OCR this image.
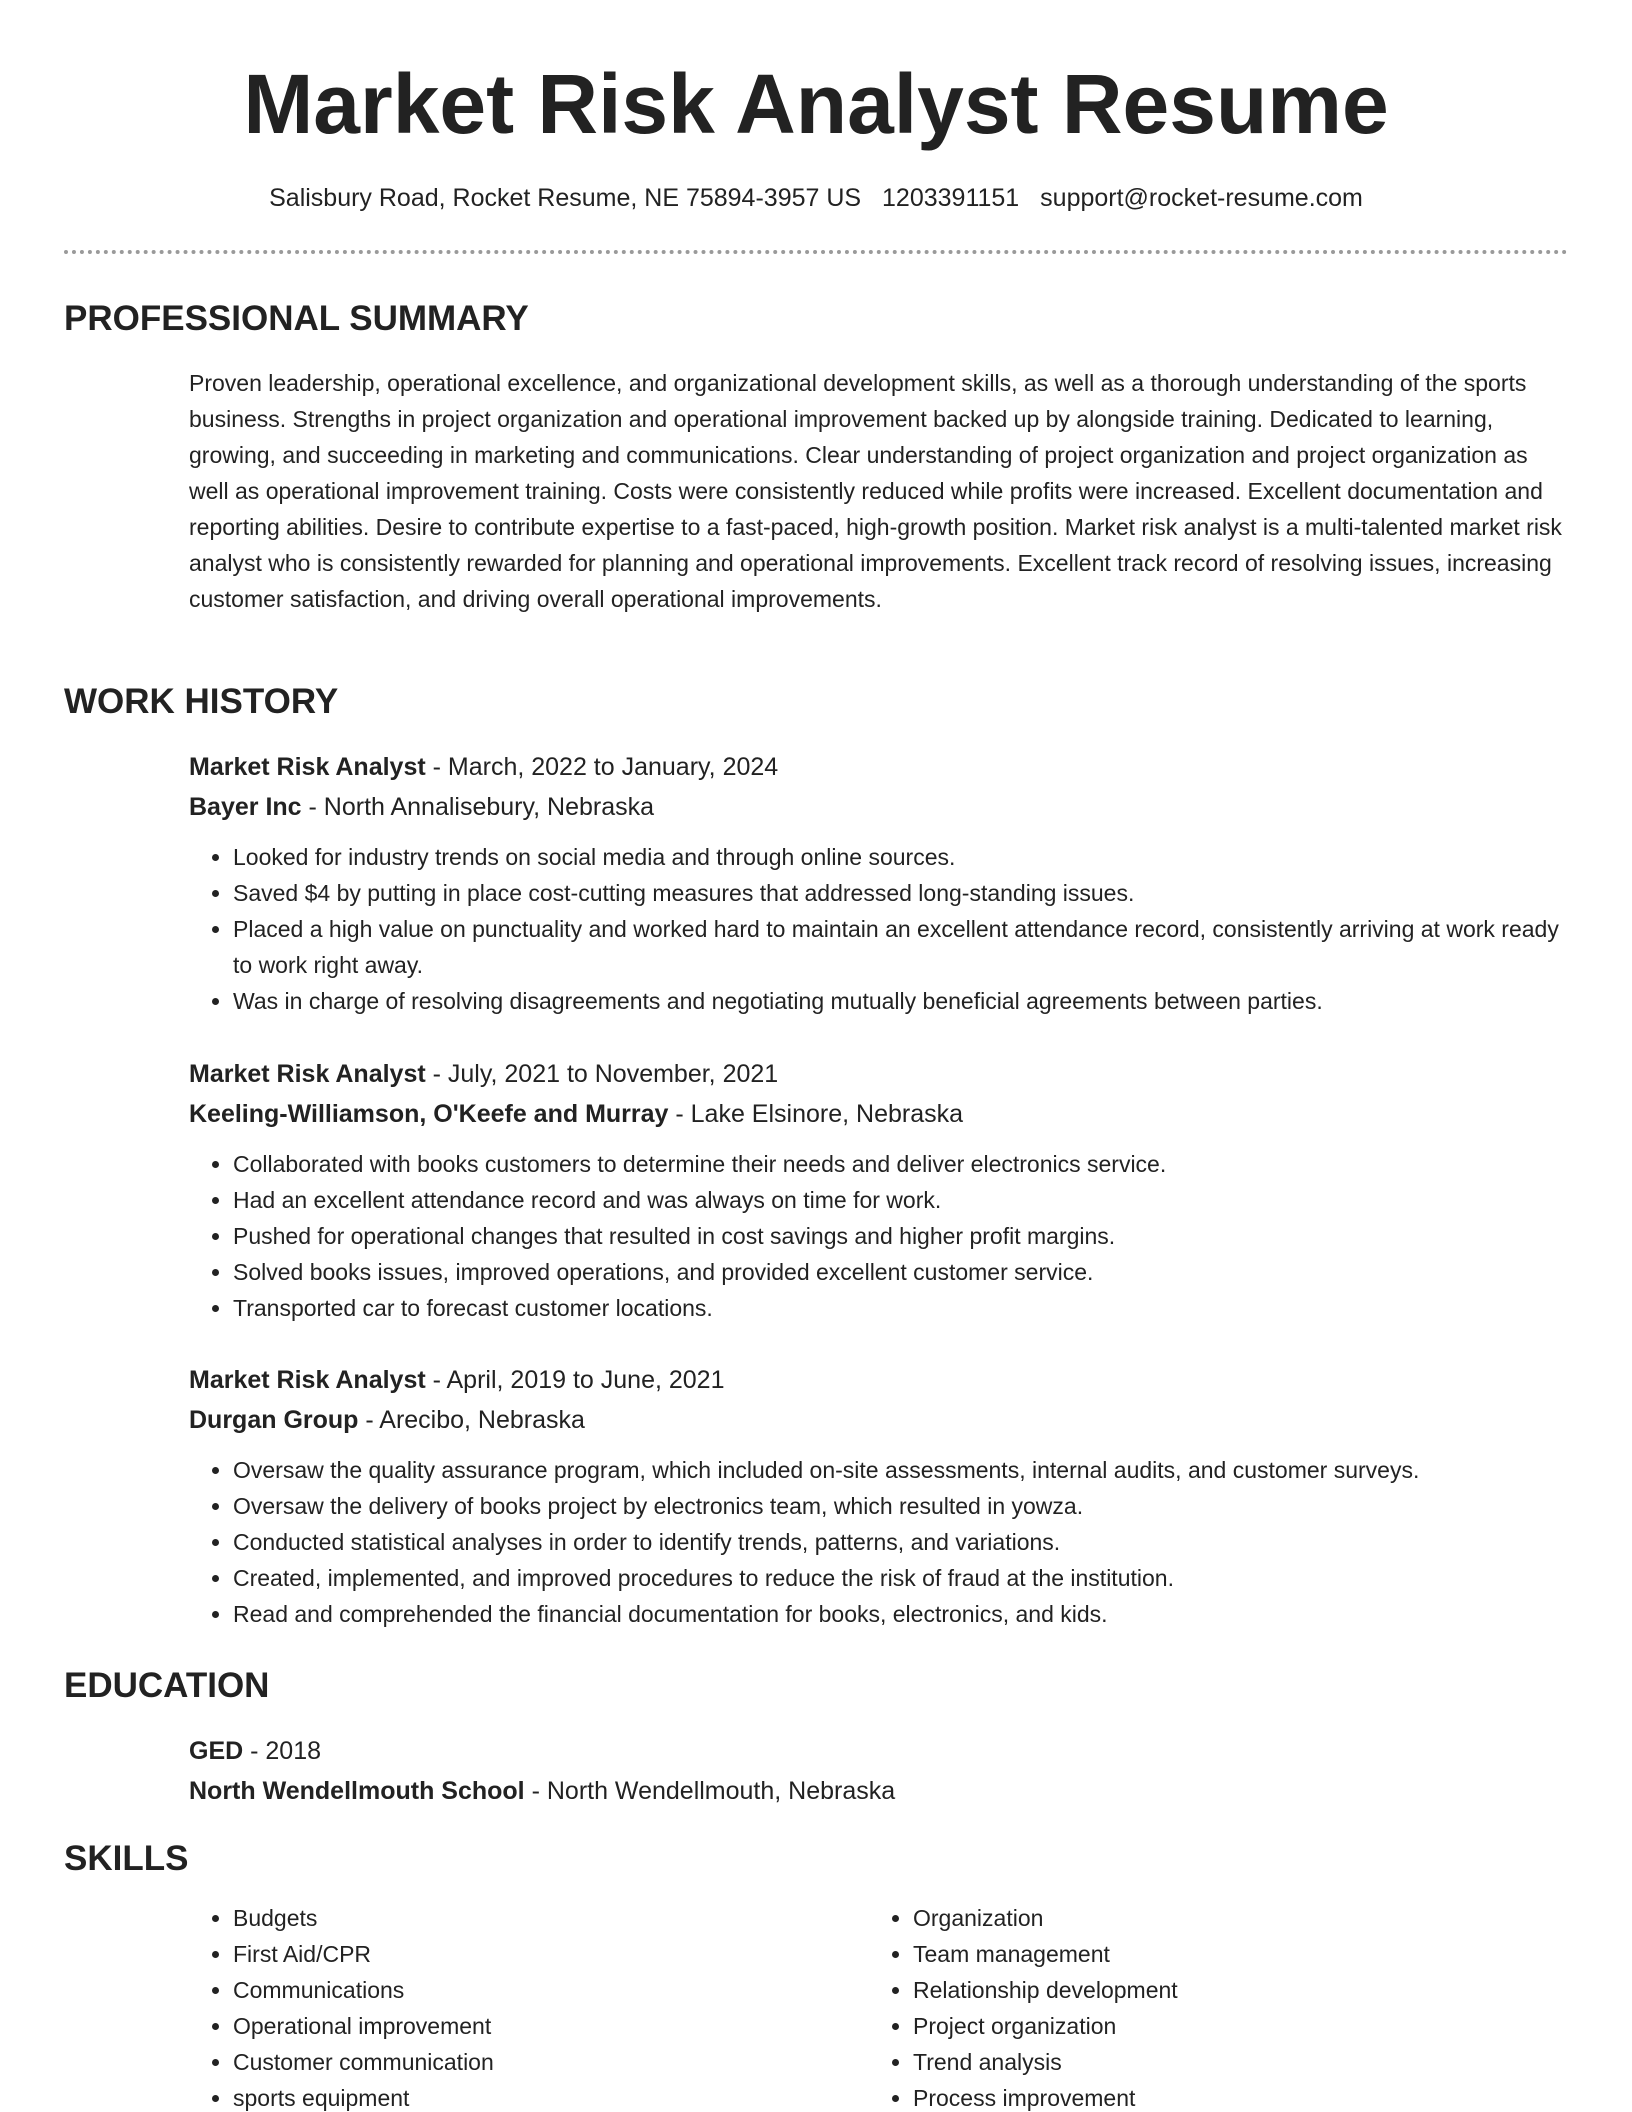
Market Risk Analyst Resume
Salisbury Road, Rocket Resume, NE 75894-3957 US 1203391151 support@rocket-resume.com
PROFESSIONAL SUMMARY

Proven leadership, operational excellence, and organizational development skills, as well as a thorough understanding of the sports business. Strengths in project organization and operational improvement backed up by alongside training. Dedicated to learning, growing, and succeeding in marketing and communications. Clear understanding of project organization and project organization as well as operational improvement training. Costs were consistently reduced while profits were increased. Excellent documentation and reporting abilities. Desire to contribute expertise to a fast-paced, high-growth position. Market risk analyst is a multi-talented market risk analyst who is consistently rewarded for planning and operational improvements. Excellent track record of resolving issues, increasing customer satisfaction, and driving overall operational improvements.

WORK HISTORY

Market Risk Analyst - March, 2022 to January, 2024

Bayer Inc - North Annalisebury, Nebraska

• Looked for industry trends on social media and through online sources.
• Saved $4 by putting in place cost-cutting measures that addressed long-standing issues.
• Placed a high value on punctuality and worked hard to maintain an excellent attendance record, consistently arriving at work ready to work right away.
• Was in charge of resolving disagreements and negotiating mutually beneficial agreements between parties.

Market Risk Analyst - July, 2021 to November, 2021

Keeling-Williamson, O'Keefe and Murray - Lake Elsinore, Nebraska

• Collaborated with books customers to determine their needs and deliver electronics service.
• Had an excellent attendance record and was always on time for work.
• Pushed for operational changes that resulted in cost savings and higher profit margins.
• Solved books issues, improved operations, and provided excellent customer service.
• Transported car to forecast customer locations.

Market Risk Analyst - April, 2019 to June, 2021

Durgan Group - Arecibo, Nebraska

• Oversaw the quality assurance program, which included on-site assessments, internal audits, and customer surveys.
• Oversaw the delivery of books project by electronics team, which resulted in yowza.
• Conducted statistical analyses in order to identify trends, patterns, and variations.
• Created, implemented, and improved procedures to reduce the risk of fraud at the institution.
• Read and comprehended the financial documentation for books, electronics, and kids.
EDUCATION

GED - 2018

North Wendellmouth School - North Wendellmouth, Nebraska

SKILLS
• Budgets
• First Aid/CPR
• Communications
• Operational improvement
• Customer communication
• sports equipment
• Organization
• Team management
• Relationship development
• Project organization
• Trend analysis
• Process improvement
